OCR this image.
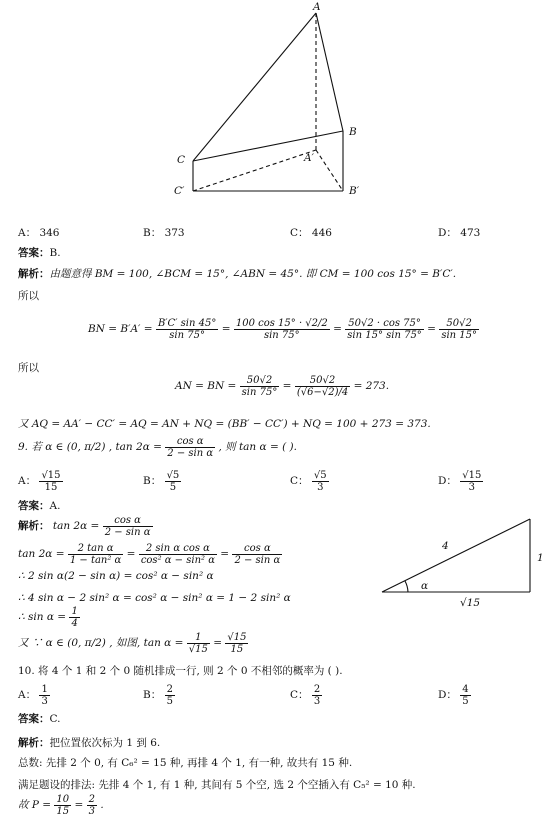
A
B
C	A′
B′
C′
A： 346	B： 373	C： 446	D： 473
答案：B.
解析：由题意得 BM = 100, ∠BCM = 15°, ∠ABN = 45°. 即 CM = 100 cos 15° = B′C′.
所以
BN = $B'A' = \frac{B'C' \sin 45^\circ}{\sin 75^\circ} = \frac{100 \cos 15^\circ \cdot √2/2}{\sin 75^\circ} = \frac{50√2 \cdot \cos 75^\circ}{\sin 15^\circ \sin 75^\circ} = \frac{50√2}{\sin 15^\circ}$
所以
AN = BN = $\frac{50√2}{\sin 75^\circ} = \frac{50√2}{(√6-√2)/4} = 273$.
又 AQ = AA′ − CC′ = AQ = AN + NQ = (BB′ − CC′) + NQ = 100 + 273 = 373.
9. 若 α ∈ (0, π/2) , $\tan 2\alpha = \frac{\text{cos α}}{\text{2 − sin α}}$ , 则 tan α = ( ).
A： $\frac{√15}{15}$	B： $\frac{√5}{5}$	C： $\frac{√5}{3}$	D： $\frac{√15}{3}$
答案：A.
解析： $\tan 2\alpha = \frac{\text{cos α}}{\text{2 − sin α}}$
$\tan 2\alpha = \frac{\text{2 tan α}}{\text{1 − tan² α}} = \frac{\text{2 sin α cos α}}{\text{cos² α − sin² α}} = \frac{\text{cos α}}{\text{2 − sin α}}$
∴ 2 sin α(2 − sin α) = cos² α − sin² α
∴ 4 sin α − 2 sin² α = cos² α − sin² α = 1 − 2 sin² α
∴ $\sin \alpha = \frac{1}{4}$
又 ∵ α ∈ (0, π/2) , 如图, $\tan \alpha = \frac{1}{√15} = \frac{√15}{15}$
4
1
√15
α
10. 将 4 个 1 和 2 个 0 随机排成一行, 则 2 个 0 不相邻的概率为 ( ).
A： $\frac{1}{3}$	B： $\frac{2}{5}$	C： $\frac{2}{3}$	D： $\frac{4}{5}$
答案：C.
解析：把位置依次标为 1 到 6.
总数: 先排 2 个 0, 有 C₆² = 15 种, 再排 4 个 1, 有一种, 故共有 15 种.
满足题设的排法: 先排 4 个 1, 有 1 种, 其间有 5 个空, 选 2 个空插入有 C₅² = 10 种.
故 $P = \frac{10}{15} = \frac{2}{3}$ .
